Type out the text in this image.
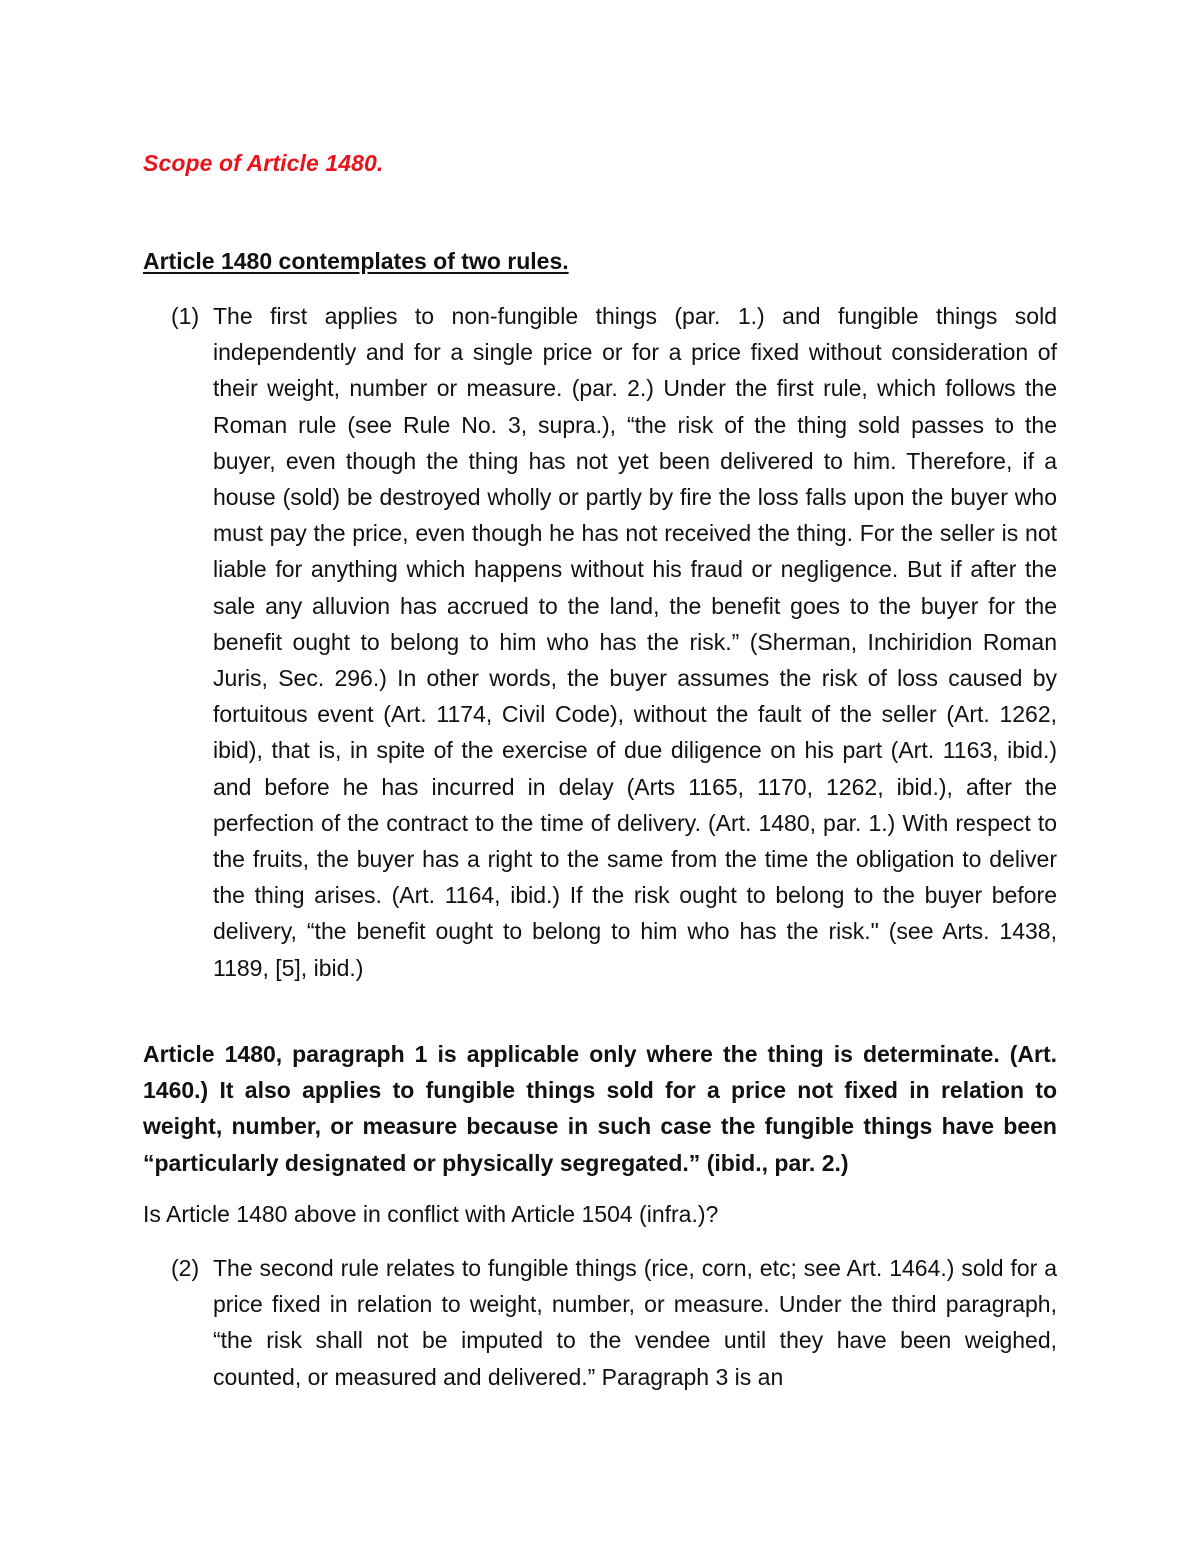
Scope of Article 1480.
Article 1480 contemplates of two rules.
(1) The first applies to non-fungible things (par. 1.) and fungible things sold independently and for a single price or for a price fixed without consideration of their weight, number or measure. (par. 2.) Under the first rule, which follows the Roman rule (see Rule No. 3, supra.), “the risk of the thing sold passes to the buyer, even though the thing has not yet been delivered to him. Therefore, if a house (sold) be destroyed wholly or partly by fire the loss falls upon the buyer who must pay the price, even though he has not received the thing. For the seller is not liable for anything which happens without his fraud or negligence. But if after the sale any alluvion has accrued to the land, the benefit goes to the buyer for the benefit ought to belong to him who has the risk.” (Sherman, Inchiridion Roman Juris, Sec. 296.) In other words, the buyer assumes the risk of loss caused by fortuitous event (Art. 1174, Civil Code), without the fault of the seller (Art. 1262, ibid), that is, in spite of the exercise of due diligence on his part (Art. 1163, ibid.) and before he has incurred in delay (Arts 1165, 1170, 1262, ibid.), after the perfection of the contract to the time of delivery. (Art. 1480, par. 1.) With respect to the fruits, the buyer has a right to the same from the time the obligation to deliver the thing arises. (Art. 1164, ibid.) If the risk ought to belong to the buyer before delivery, “the benefit ought to belong to him who has the risk." (see Arts. 1438, 1189, [5], ibid.)
Article 1480, paragraph 1 is applicable only where the thing is determinate. (Art. 1460.) It also applies to fungible things sold for a price not fixed in relation to weight, number, or measure because in such case the fungible things have been “particularly designated or physically segregated.” (ibid., par. 2.)
Is Article 1480 above in conflict with Article 1504 (infra.)?
(2) The second rule relates to fungible things (rice, corn, etc; see Art. 1464.) sold for a price fixed in relation to weight, number, or measure. Under the third paragraph, “the risk shall not be imputed to the vendee until they have been weighed, counted, or measured and delivered.” Paragraph 3 is an
